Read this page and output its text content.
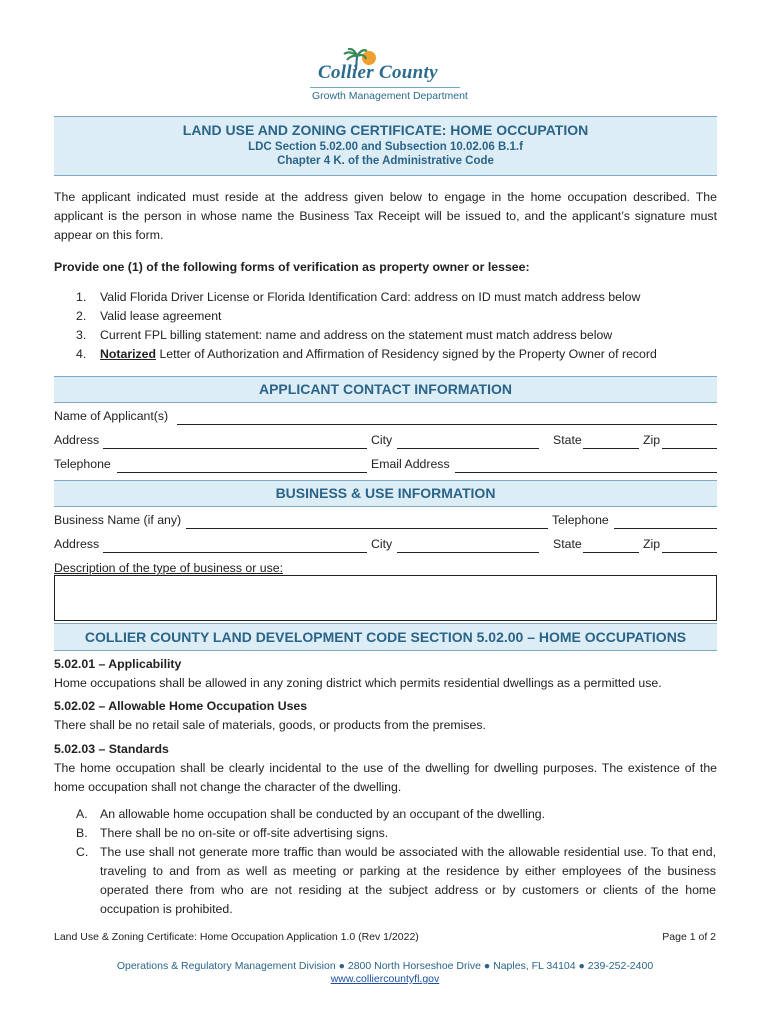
Collier County
Growth Management Department
LAND USE AND ZONING CERTIFICATE: HOME OCCUPATION
LDC Section 5.02.00 and Subsection 10.02.06 B.1.f
Chapter 4 K. of the Administrative Code
The applicant indicated must reside at the address given below to engage in the home occupation described. The applicant is the person in whose name the Business Tax Receipt will be issued to, and the applicant’s signature must appear on this form.
Provide one (1) of the following forms of verification as property owner or lessee:
1.	Valid Florida Driver License or Florida Identification Card: address on ID must match address below
2.	Valid lease agreement
3.	Current FPL billing statement: name and address on the statement must match address below
4.	Notarized Letter of Authorization and Affirmation of Residency signed by the Property Owner of record
APPLICANT CONTACT INFORMATION
Name of Applicant(s)
Address	City	State	Zip
Telephone	Email Address
BUSINESS & USE INFORMATION
Business Name (if any)	Telephone
Address	City	State	Zip
Description of the type of business or use:
COLLIER COUNTY LAND DEVELOPMENT CODE SECTION 5.02.00 – HOME OCCUPATIONS
5.02.01 – Applicability
Home occupations shall be allowed in any zoning district which permits residential dwellings as a permitted use.
5.02.02 – Allowable Home Occupation Uses
There shall be no retail sale of materials, goods, or products from the premises.
5.02.03 – Standards
The home occupation shall be clearly incidental to the use of the dwelling for dwelling purposes. The existence of the home occupation shall not change the character of the dwelling.
A.	An allowable home occupation shall be conducted by an occupant of the dwelling.
B.	There shall be no on-site or off-site advertising signs.
C. The use shall not generate more traffic than would be associated with the allowable residential use. To that end, traveling to and from as well as meeting or parking at the residence by either employees of the business operated there from who are not residing at the subject address or by customers or clients of the home occupation is prohibited.
Land Use & Zoning Certificate: Home Occupation Application 1.0 (Rev 1/2022)	Page 1 of 2
Operations & Regulatory Management Division ● 2800 North Horseshoe Drive ● Naples, FL 34104 ● 239-252-2400
www.colliercountyfl.gov
